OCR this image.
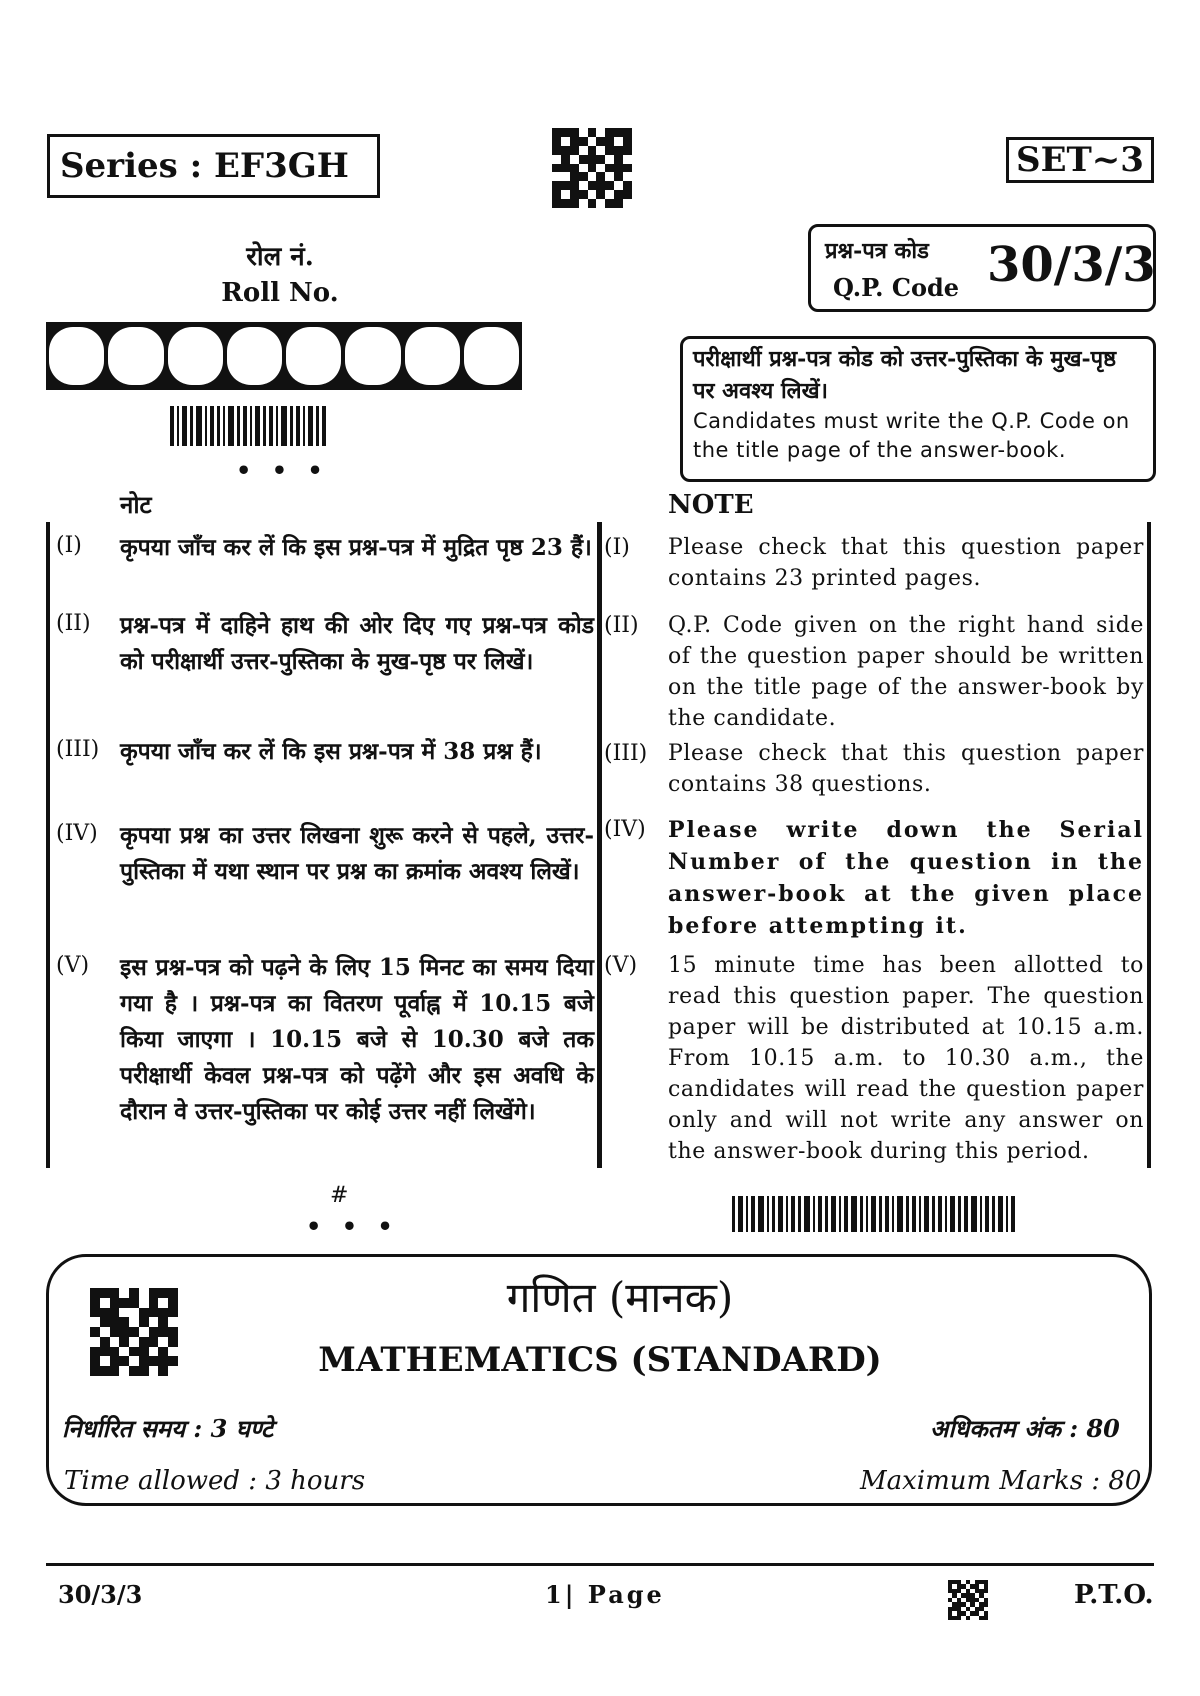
Series : EF3GH	SET~3
रोल नं.
Roll No.
• • •
प्रश्न-पत्र कोड
Q.P. Code 30/3/3
परीक्षार्थी प्रश्न-पत्र कोड को उत्तर-पुस्तिका के मुख-पृष्ठ पर अवश्य लिखें।
Candidates must write the Q.P. Code on the title page of the answer-book.
नोट	NOTE
(I) कृपया जाँच कर लें कि इस प्रश्न-पत्र में मुद्रित पृष्ठ 23 हैं।
(II) प्रश्न-पत्र में दाहिने हाथ की ओर दिए गए प्रश्न-पत्र कोड को परीक्षार्थी उत्तर-पुस्तिका के मुख-पृष्ठ पर लिखें।
(III) कृपया जाँच कर लें कि इस प्रश्न-पत्र में 38 प्रश्न हैं।
(IV) कृपया प्रश्न का उत्तर लिखना शुरू करने से पहले, उत्तर-पुस्तिका में यथा स्थान पर प्रश्न का क्रमांक अवश्य लिखें।
(V) इस प्रश्न-पत्र को पढ़ने के लिए 15 मिनट का समय दिया गया है । प्रश्न-पत्र का वितरण पूर्वाह्न में 10.15 बजे किया जाएगा । 10.15 बजे से 10.30 बजे तक परीक्षार्थी केवल प्रश्न-पत्र को पढ़ेंगे और इस अवधि के दौरान वे उत्तर-पुस्तिका पर कोई उत्तर नहीं लिखेंगे।
(I) Please check that this question paper contains 23 printed pages.
(II) Q.P. Code given on the right hand side of the question paper should be written on the title page of the answer-book by the candidate.
(III) Please check that this question paper contains 38 questions.
(IV) Please write down the Serial Number of the question in the answer-book at the given place before attempting it.
(V) 15 minute time has been allotted to read this question paper. The question paper will be distributed at 10.15 a.m. From 10.15 a.m. to 10.30 a.m., the candidates will read the question paper only and will not write any answer on the answer-book during this period.
#
• • •
गणित (मानक)
MATHEMATICS (STANDARD)
निर्धारित समय : 3 घण्टे	अधिकतम अंक : 80
Time allowed : 3 hours	Maximum Marks : 80
30/3/3	1| Page	P.T.O.
